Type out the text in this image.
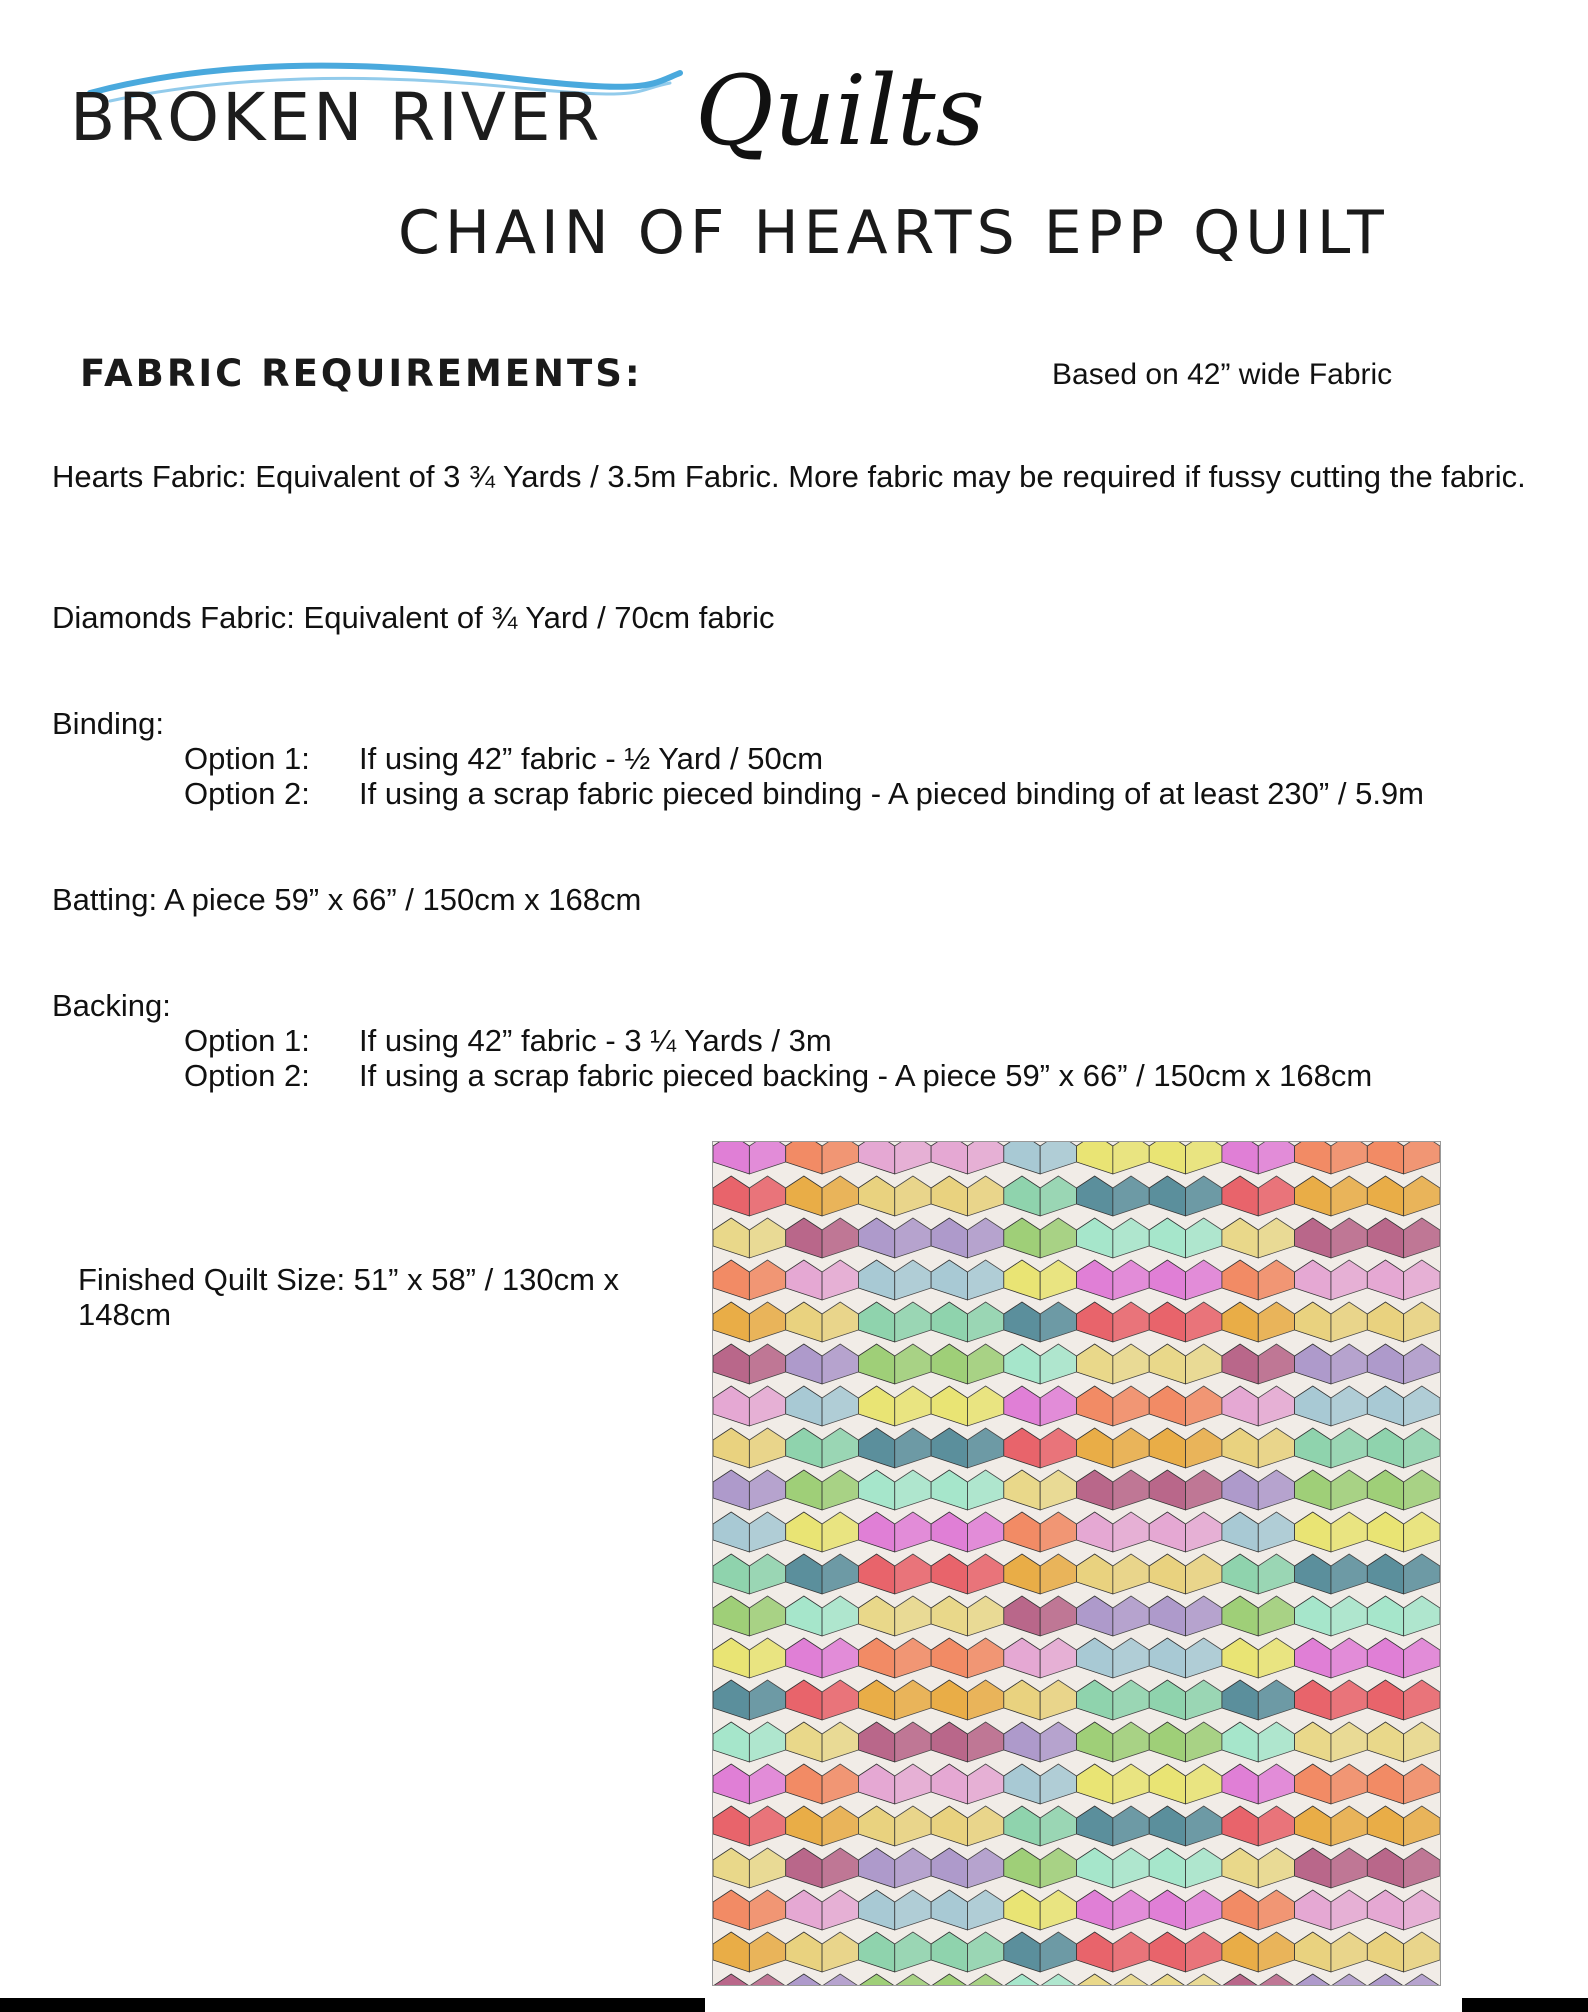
BROKEN RIVER Quilts
CHAIN OF HEARTS EPP QUILT
FABRIC REQUIREMENTS:	Based on 42” wide Fabric
Hearts Fabric: Equivalent of 3 ¾ Yards / 3.5m Fabric. More fabric may be required if fussy cutting the fabric.
Diamonds Fabric: Equivalent of ¾ Yard / 70cm fabric
Binding:
Option 1: If using 42” fabric - ½ Yard / 50cm
Option 2: If using a scrap fabric pieced binding - A pieced binding of at least 230” / 5.9m
Batting: A piece 59” x 66” / 150cm x 168cm
Backing:
Option 1: If using 42” fabric - 3 ¼ Yards / 3m
Option 2: If using a scrap fabric pieced backing - A piece 59” x 66” / 150cm x 168cm
Finished Quilt Size: 51” x 58” / 130cm x 148cm
